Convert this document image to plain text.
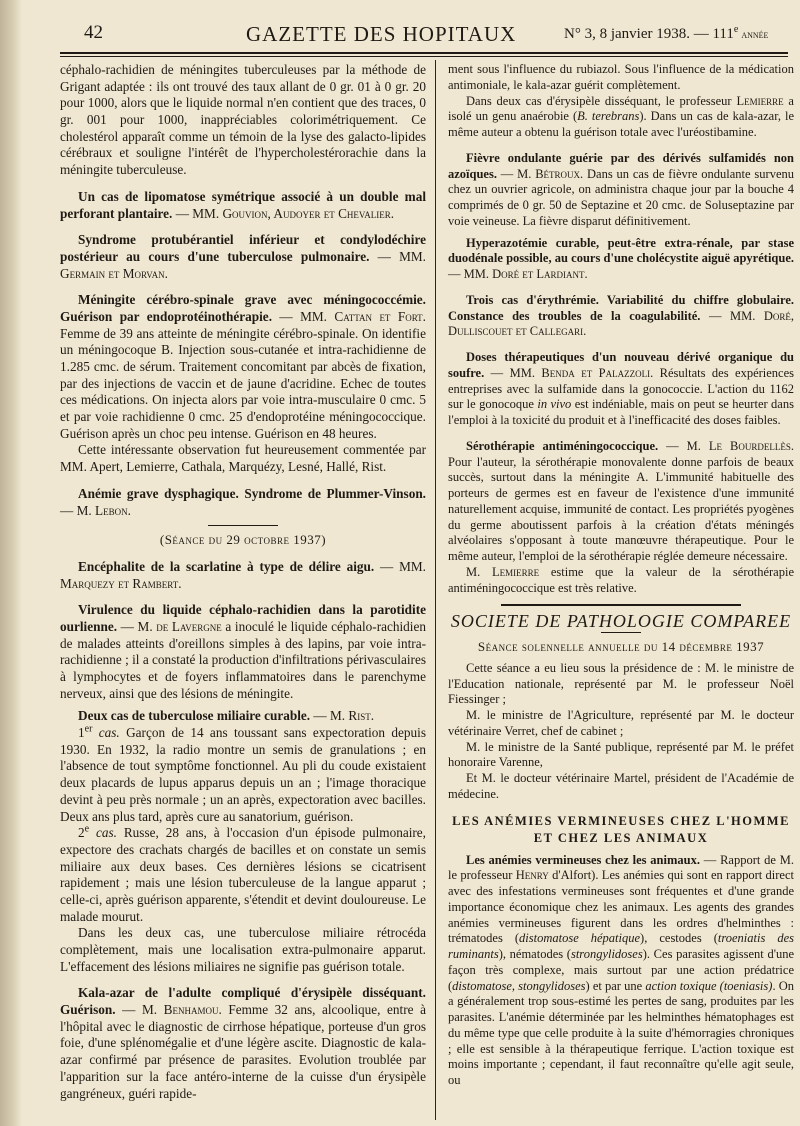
42	GAZETTE DES HOPITAUX	N° 3, 8 janvier 1938. — 111e année

céphalo-rachidien de méningites tuberculeuses par la méthode de Grigant adaptée : ils ont trouvé des taux allant de 0 gr. 01 à 0 gr. 20 pour 1000, alors que le liquide normal n'en contient que des traces, 0 gr. 001 pour 1000, inappréciables colorimétriquement. Ce cholestérol apparaît comme un témoin de la lyse des galacto-lipides cérébraux et souligne l'intérêt de l'hypercholestérorachie dans la méningite tuberculeuse.

Un cas de lipomatose symétrique associé à un double mal perforant plantaire. — MM. Gouvion, Audoyer et Chevalier.

Syndrome protubérantiel inférieur et condylodéchire postérieur au cours d'une tuberculose pulmonaire. — MM. Germain et Morvan.

Méningite cérébro-spinale grave avec méningococcémie. Guérison par endoprotéinothérapie. — MM. Cattan et Fort. Femme de 39 ans atteinte de méningite cérébro-spinale. On identifie un méningocoque B. Injection sous-cutanée et intra-rachidienne de 1.285 cmc. de sérum. Traitement concomitant par abcès de fixation, par des injections de vaccin et de jaune d'acridine. Echec de toutes ces médications. On injecta alors par voie intra-musculaire 0 cmc. 5 et par voie rachidienne 0 cmc. 25 d'endoprotéine méningococcique. Guérison après un choc peu intense. Guérison en 48 heures.

Cette intéressante observation fut heureusement commentée par MM. Apert, Lemierre, Cathala, Marquézy, Lesné, Hallé, Rist.

Anémie grave dysphagique. Syndrome de Plummer-Vinson. — M. Lebon.

(Séance du 29 octobre 1937)

Encéphalite de la scarlatine à type de délire aigu. — MM. Marquezy et Rambert.

Virulence du liquide céphalo-rachidien dans la parotidite ourlienne. — M. de Lavergne a inoculé le liquide céphalo-rachidien de malades atteints d'oreillons simples à des lapins, par voie intra-rachidienne ; il a constaté la production d'infiltrations périvasculaires à lymphocytes et de foyers inflammatoires dans le parenchyme nerveux, ainsi que des lésions de méningite.

Deux cas de tuberculose miliaire curable. — M. Rist.

1er cas. Garçon de 14 ans toussant sans expectoration depuis 1930. En 1932, la radio montre un semis de granulations ; en l'absence de tout symptôme fonctionnel. Au pli du coude existaient deux placards de lupus apparus depuis un an ; l'image thoracique devint à peu près normale ; un an après, expectoration avec bacilles. Deux ans plus tard, après cure au sanatorium, guérison.

2e cas. Russe, 28 ans, à l'occasion d'un épisode pulmonaire, expectore des crachats chargés de bacilles et on constate un semis miliaire aux deux bases. Ces dernières lésions se cicatrisent rapidement ; mais une lésion tuberculeuse de la langue apparut ; celle-ci, après guérison apparente, s'étendit et devint douloureuse. Le malade mourut.

Dans les deux cas, une tuberculose miliaire rétrocéda complètement, mais une localisation extra-pulmonaire apparut. L'effacement des lésions miliaires ne signifie pas guérison totale.

Kala-azar de l'adulte compliqué d'érysipèle disséquant. Guérison. — M. Benhamou. Femme 32 ans, alcoolique, entre à l'hôpital avec le diagnostic de cirrhose hépatique, porteuse d'un gros foie, d'une splénomégalie et d'une légère ascite. Diagnostic de kala-azar confirmé par présence de parasites. Evolution troublée par l'apparition sur la face antéro-interne de la cuisse d'un érysipèle gangréneux, guéri rapide-

ment sous l'influence du rubiazol. Sous l'influence de la médication antimoniale, le kala-azar guérit complètement.

Dans deux cas d'érysipèle disséquant, le professeur Lemierre a isolé un genu anaérobie (B. terebrans). Dans un cas de kala-azar, le même auteur a obtenu la guérison totale avec l'uréostibamine.

Fièvre ondulante guérie par des dérivés sulfamidés non azoïques. — M. Bétroux. Dans un cas de fièvre ondulante survenu chez un ouvrier agricole, on administra chaque jour par la bouche 4 comprimés de 0 gr. 50 de Septazine et 20 cmc. de Soluseptazine par voie veineuse. La fièvre disparut définitivement.

Hyperazotémie curable, peut-être extra-rénale, par stase duodénale possible, au cours d'une cholécystite aiguë apyrétique. — MM. Doré et Lardiant.

Trois cas d'érythrémie. Variabilité du chiffre globulaire. Constance des troubles de la coagulabilité. — MM. Doré, Dulliscouet et Callegari.

Doses thérapeutiques d'un nouveau dérivé organique du soufre. — MM. Benda et Palazzoli. Résultats des expériences entreprises avec la sulfamide dans la gonococcie. L'action du 1162 sur le gonocoque in vivo est indéniable, mais on peut se heurter dans l'emploi à la toxicité du produit et à l'inefficacité des doses faibles.

Sérothérapie antiméningococcique. — M. Le Bourdellès. Pour l'auteur, la sérothérapie monovalente donne parfois de beaux succès, surtout dans la méningite A. L'immunité habituelle des porteurs de germes est en faveur de l'existence d'une immunité naturellement acquise, immunité de contact. Les propriétés pyogènes du germe aboutissent parfois à la création d'états méningés alvéolaires s'opposant à toute manœuvre thérapeutique. Pour le même auteur, l'emploi de la sérothérapie réglée demeure nécessaire.

M. Lemierre estime que la valeur de la sérothérapie antiméningococcique est très relative.

SOCIETE DE PATHOLOGIE COMPAREE

Séance solennelle annuelle du 14 décembre 1937

Cette séance a eu lieu sous la présidence de : M. le ministre de l'Education nationale, représenté par M. le professeur Noël Fiessinger ;

M. le ministre de l'Agriculture, représenté par M. le docteur vétérinaire Verret, chef de cabinet ;

M. le ministre de la Santé publique, représenté par M. le préfet honoraire Varenne,

Et M. le docteur vétérinaire Martel, président de l'Académie de médecine.

LES ANÉMIES VERMINEUSES CHEZ L'HOMME

ET CHEZ LES ANIMAUX

Les anémies vermineuses chez les animaux. — Rapport de M. le professeur Henry d'Alfort). Les anémies qui sont en rapport direct avec des infestations vermineuses sont fréquentes et d'une grande importance économique chez les animaux. Les agents des grandes anémies vermineuses figurent dans les ordres d'helminthes : trématodes (distomatose hépatique), cestodes (troeniatis des ruminants), nématodes (strongylidoses). Ces parasites agissent d'une façon très complexe, mais surtout par une action prédatrice (distomatose, stongylidoses) et par une action toxique (toeniasis). On a généralement trop sous-estimé les pertes de sang, produites par les parasites. L'anémie déterminée par les helminthes hématophages est du même type que celle produite à la suite d'hémorragies chroniques ; elle est sensible à la thérapeutique ferrique. L'action toxique est moins importante ; cependant, il faut reconnaître qu'elle agit seule, ou
